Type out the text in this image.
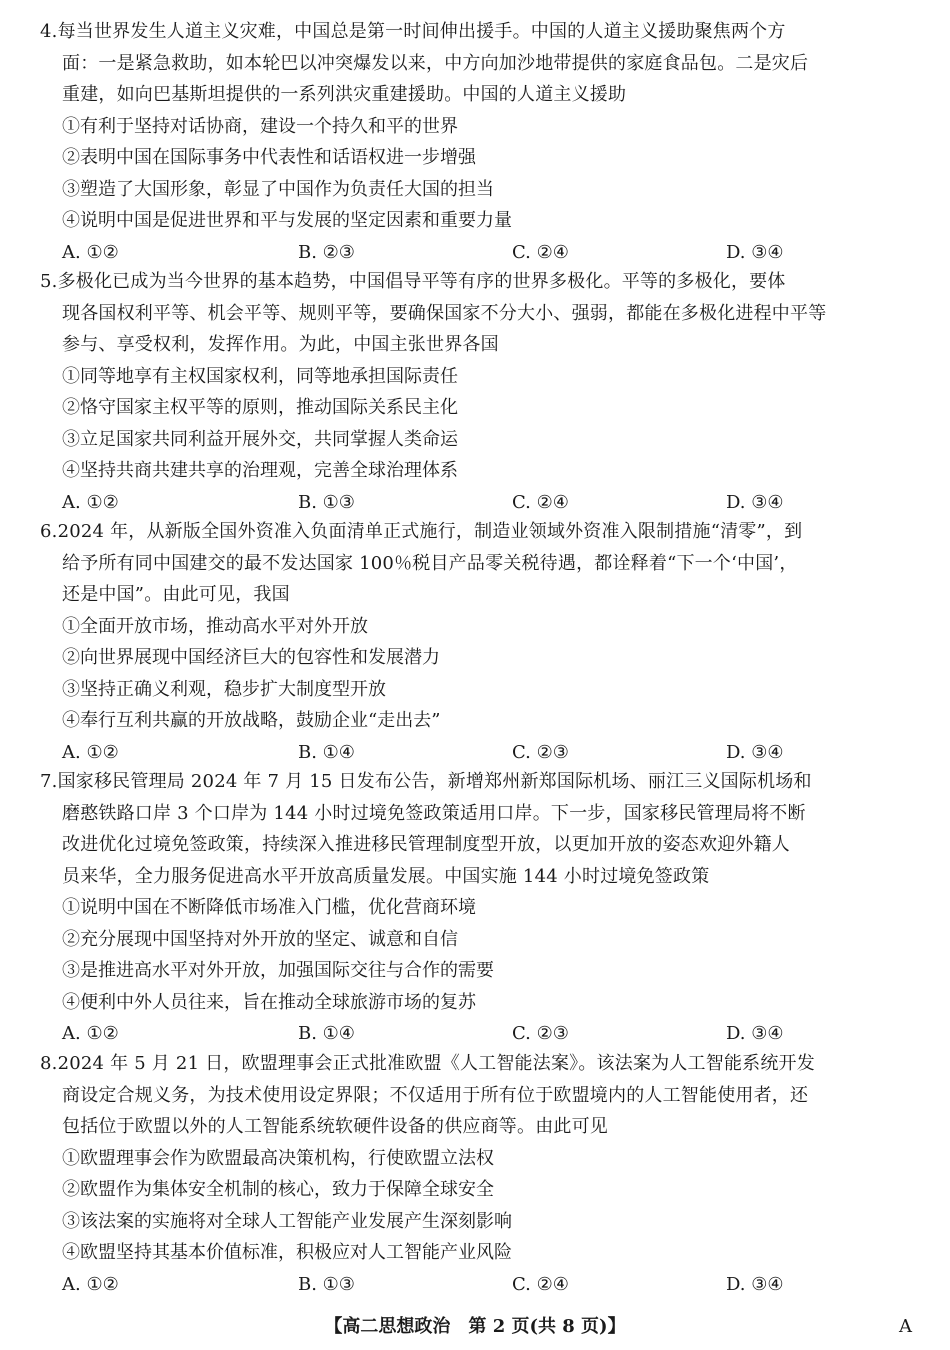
4.每当世界发生人道主义灾难，中国总是第一时间伸出援手。中国的人道主义援助聚焦两个方
面：一是紧急救助，如本轮巴以冲突爆发以来，中方向加沙地带提供的家庭食品包。二是灾后
重建，如向巴基斯坦提供的一系列洪灾重建援助。中国的人道主义援助
①有利于坚持对话协商，建设一个持久和平的世界
②表明中国在国际事务中代表性和话语权进一步增强
③塑造了大国形象，彰显了中国作为负责任大国的担当
④说明中国是促进世界和平与发展的坚定因素和重要力量
A. ①②	B. ②③	C. ②④	D. ③④
5.多极化已成为当今世界的基本趋势，中国倡导平等有序的世界多极化。平等的多极化，要体
现各国权利平等、机会平等、规则平等，要确保国家不分大小、强弱，都能在多极化进程中平等
参与、享受权利，发挥作用。为此，中国主张世界各国
①同等地享有主权国家权利，同等地承担国际责任
②恪守国家主权平等的原则，推动国际关系民主化
③立足国家共同利益开展外交，共同掌握人类命运
④坚持共商共建共享的治理观，完善全球治理体系
A. ①②	B. ①③	C. ②④	D. ③④
6.2024 年，从新版全国外资准入负面清单正式施行，制造业领域外资准入限制措施“清零”，到
给予所有同中国建交的最不发达国家 100％税目产品零关税待遇，都诠释着“下一个‘中国’，
还是中国”。由此可见，我国
①全面开放市场，推动高水平对外开放
②向世界展现中国经济巨大的包容性和发展潜力
③坚持正确义利观，稳步扩大制度型开放
④奉行互利共赢的开放战略，鼓励企业“走出去”
A. ①②	B. ①④	C. ②③	D. ③④
7.国家移民管理局 2024 年 7 月 15 日发布公告，新增郑州新郑国际机场、丽江三义国际机场和
磨憨铁路口岸 3 个口岸为 144 小时过境免签政策适用口岸。下一步，国家移民管理局将不断
改进优化过境免签政策，持续深入推进移民管理制度型开放，以更加开放的姿态欢迎外籍人
员来华，全力服务促进高水平开放高质量发展。中国实施 144 小时过境免签政策
①说明中国在不断降低市场准入门槛，优化营商环境
②充分展现中国坚持对外开放的坚定、诚意和自信
③是推进高水平对外开放，加强国际交往与合作的需要
④便利中外人员往来，旨在推动全球旅游市场的复苏
A. ①②	B. ①④	C. ②③	D. ③④
8.2024 年 5 月 21 日，欧盟理事会正式批准欧盟《人工智能法案》。该法案为人工智能系统开发
商设定合规义务，为技术使用设定界限；不仅适用于所有位于欧盟境内的人工智能使用者，还
包括位于欧盟以外的人工智能系统软硬件设备的供应商等。由此可见
①欧盟理事会作为欧盟最高决策机构，行使欧盟立法权
②欧盟作为集体安全机制的核心，致力于保障全球安全
③该法案的实施将对全球人工智能产业发展产生深刻影响
④欧盟坚持其基本价值标准，积极应对人工智能产业风险
A. ①②	B. ①③	C. ②④	D. ③④
【高二思想政治　第 2 页(共 8 页)】	A
